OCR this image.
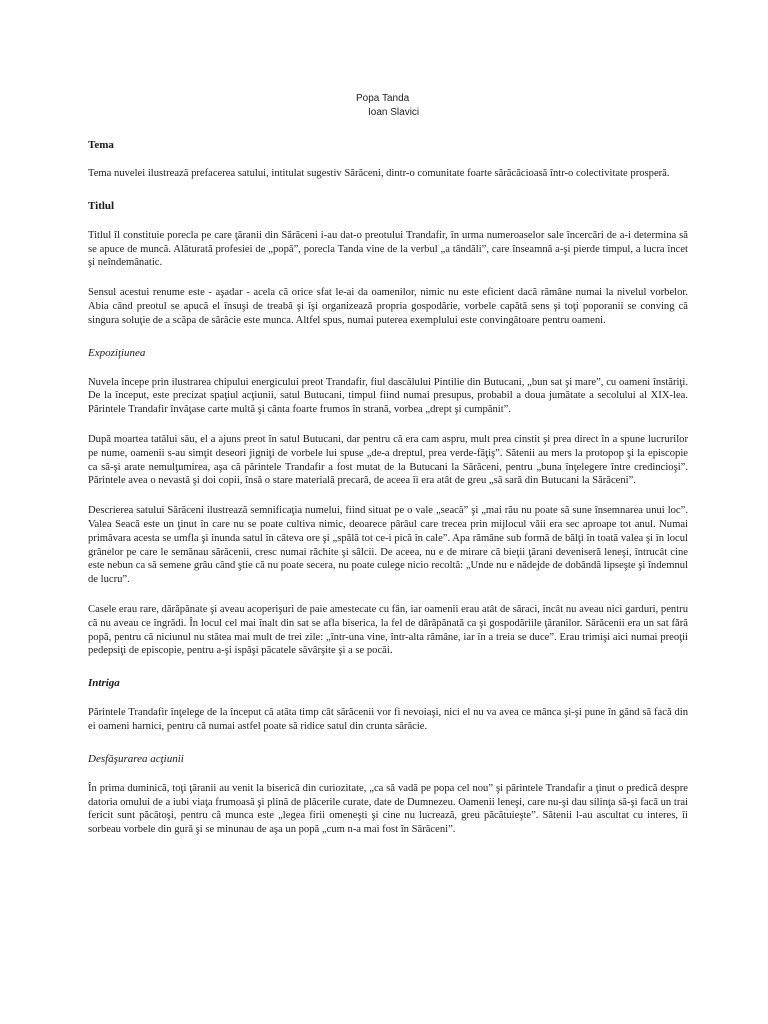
Popa Tanda
Ioan Slavici
Tema

Tema nuvelei ilustrează prefacerea satului, intitulat sugestiv Sărăceni, dintr-o comunitate foarte sărăcăcioasă într-o colectivitate prosperă.

Titlul

Titlul îl constituie porecla pe care ţăranii din Sărăceni i-au dat-o preotului Trandafir, în urma numeroaselor sale încercări de a-i determina să se apuce de muncă. Alăturată profesiei de „popă”, porecla Tanda vine de la verbul „a tândăli”, care înseamnă a-şi pierde timpul, a lucra încet şi neîndemânatic.

Sensul acestui renume este - aşadar - acela că orice sfat le-ai da oamenilor, nimic nu este eficient dacă rămâne numai la nivelul vorbelor. Abia când preotul se apucă el însuşi de treabă şi îşi organizează propria gospodărie, vorbele capătă sens şi toţi poporanii se conving că singura soluţie de a scăpa de sărăcie este munca. Altfel spus, numai puterea exemplului este convingătoare pentru oameni.

Expoziţiunea

Nuvela începe prin ilustrarea chipului energicului preot Trandafir, fiul dascălului Pintilie din Butucani, „bun sat şi mare”, cu oameni înstăriţi. De la început, este precizat spaţiul acţiunii, satul Butucani, timpul fiind numai presupus, probabil a doua jumătate a secolului al XIX-lea. Părintele Trandafir învăţase carte multă şi cânta foarte frumos în strană, vorbea „drept şi cumpănit”.

După moartea tatălui său, el a ajuns preot în satul Butucani, dar pentru că era cam aspru, mult prea cinstit şi prea direct în a spune lucrurilor pe nume, oamenii s-au simţit deseori jigniţi de vorbele lui spuse „de-a dreptul, prea verde-făţiş”. Sătenii au mers la protopop şi la episcopie ca să-şi arate nemulţumirea, aşa că părintele Trandafir a fost mutat de la Butucani la Sărăceni, pentru „buna înţelegere între credincioşi”. Părintele avea o nevastă şi doi copii, însă o stare materială precară, de aceea îi era atât de greu „să sară din Butucani la Sărăceni”.

Descrierea satului Sărăceni ilustrează semnificaţia numelui, fiind situat pe o vale „seacă” şi „mai rău nu poate să sune însemnarea unui loc”. Valea Seacă este un ţinut în care nu se poate cultiva nimic, deoarece pârâul care trecea prin mijlocul văii era sec aproape tot anul. Numai primăvara acesta se umfla şi inunda satul în câteva ore şi „spălă tot ce-i pică în cale”. Apa rămâne sub formă de bălţi în toată valea şi în locul grânelor pe care le semănau sărăcenii, cresc numai răchite şi sălcii. De aceea, nu e de mirare că bieţii ţărani deveniseră leneşi, întrucât cine este nebun ca să semene grâu când ştie că nu poate secera, nu poate culege nicio recoltă: „Unde nu e nădejde de dobândă lipseşte şi îndemnul de lucru”.

Casele erau rare, dărăpănate şi aveau acoperişuri de paie amestecate cu fân, iar oamenii erau atât de săraci, încât nu aveau nici garduri, pentru că nu aveau ce îngrădi. În locul cel mai înalt din sat se afla biserica, la fel de dărăpănată ca şi gospodăriile ţăranilor. Sărăcenii era un sat fără popă, pentru că niciunul nu stătea mai mult de trei zile: „într-una vine, într-alta rămâne, iar în a treia se duce”. Erau trimişi aici numai preoţii pedepsiţi de episcopie, pentru a-şi ispăşi păcatele săvârşite şi a se pocăi.

Intriga

Părintele Trandafir înţelege de la început că atâta timp cât sărăcenii vor fi nevoiaşi, nici el nu va avea ce mânca şi-şi pune în gând să facă din ei oameni harnici, pentru că numai astfel poate să ridice satul din crunta sărăcie.

Desfăşurarea acţiunii

În prima duminică, toţi ţăranii au venit la biserică din curiozitate, „ca să vadă pe popa cel nou” şi părintele Trandafir a ţinut o predică despre datoria omului de a iubi viaţa frumoasă şi plină de plăcerile curate, date de Dumnezeu. Oamenii leneşi, care nu-şi dau silinţa să-şi facă un trai fericit sunt păcătoşi, pentru că munca este „legea firii omeneşti şi cine nu lucrează, greu păcătuieşte”. Sătenii l-au ascultat cu interes, îi sorbeau vorbele din gură şi se minunau de aşa un popă „cum n-a mai fost în Sărăceni”.
